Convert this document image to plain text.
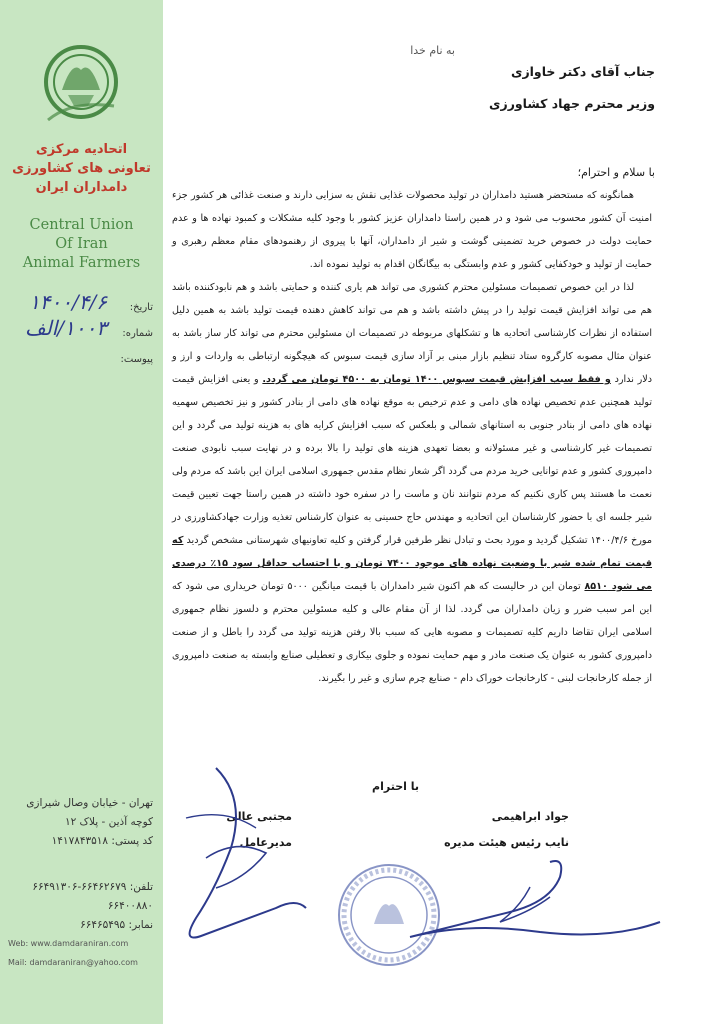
اتحادیه مرکزی
تعاونی های کشاورزی
دامداران ایران
Central Union
Of Iran
Animal Farmers
تاریخ:
۱۴۰۰/۴/۶
شماره:
۱۰۰۳/الف
پیوست:
تهران - خیابان وصال شیرازی
کوچه آذین - پلاک ۱۲
کد پستی: ۱۴۱۷۸۴۳۵۱۸
تلفن: ۶۶۴۶۲۶۷۹-۶۶۴۹۱۳۰۶
۶۶۴۰۰۸۸۰
نمابر: ۶۶۴۶۵۴۹۵
Web: www.damdaraniran.com
Mail: damdaraniran@yahoo.com
به نام خدا
جناب آقای دکتر خاوازی
وزیر محترم جهاد کشاورزی
با سلام و احترام؛

همانگونه که مستحضر هستید دامداران در تولید محصولات غذایی نقش به سزایی دارند و صنعت غذائی هر کشور جزء امنیت آن کشور محسوب می شود و در همین راستا دامداران عزیز کشور با وجود کلیه مشکلات و کمبود نهاده ها و عدم حمایت دولت در خصوص خرید تضمینی گوشت و شیر از دامداران، آنها با پیروی از رهنمودهای مقام معظم رهبری و حمایت از تولید و خودکفایی کشور و عدم وابستگی به بیگانگان اقدام به تولید نموده اند.

لذا در این خصوص تصمیمات مسئولین محترم کشوری می تواند هم یاری کننده و حمایتی باشد و هم نابودکننده باشد هم می تواند افزایش قیمت تولید را در پیش داشته باشد و هم می تواند کاهش دهنده قیمت تولید باشد به همین دلیل استفاده از نظرات کارشناسی اتحادیه ها و تشکلهای مربوطه در تصمیمات ان مسئولین محترم می تواند کار ساز باشد به عنوان مثال مصوبه کارگروه ستاد تنظیم بازار مبنی بر آزاد سازی قیمت سبوس که هیچگونه ارتباطی به واردات و ارز و دلار ندارد و فقط سبب افزایش قیمت سبوس ۱۴۰۰ تومان به ۴۵۰۰ تومان می گردد. و یعنی افزایش قیمت تولید همچنین عدم تخصیص نهاده های دامی و عدم ترخیص به موقع نهاده های دامی از بنادر کشور و نیز تخصیص سهمیه نهاده های دامی از بنادر جنوبی به استانهای شمالی و بلعکس که سبب افزایش کرایه های به هزینه تولید می گردد و این تصمیمات غیر کارشناسی و غیر مسئولانه و بعضا تعهدی هزینه های تولید را بالا برده و در نهایت سبب نابودی صنعت دامپروری کشور و عدم توانایی خرید مردم می گردد اگر شعار نظام مقدس جمهوری اسلامی ایران این باشد که مردم ولی نعمت ما هستند پس کاری نکنیم که مردم نتوانند نان و ماست را در سفره خود داشته در همین راستا جهت تعیین قیمت شیر جلسه ای با حضور کارشناسان این اتحادیه و مهندس حاج حسینی به عنوان کارشناس تغذیه وزارت جهادکشاورزی در مورخ ۱۴۰۰/۴/۶ تشکیل گردید و مورد بحث و تبادل نظر طرفین قرار گرفتن و کلیه تعاونیهای شهرستانی مشخص گردید که قیمت تمام شده شیر با وضعیت نهاده های موجود ۷۴۰۰ تومان و با احتساب حداقل سود ۱۵٪ درصدی می شود ۸۵۱۰ تومان این در حالیست که هم اکنون شیر دامداران با قیمت میانگین ۵۰۰۰ تومان خریداری می شود که این امر سبب ضرر و زیان دامداران می گردد. لذا از آن مقام عالی و کلیه مسئولین محترم و دلسوز نظام جمهوری اسلامی ایران تقاضا داریم کلیه تصمیمات و مصوبه هایی که سبب بالا رفتن هزینه تولید می گردد را باطل و از صنعت دامپروری کشور به عنوان یک صنعت مادر و مهم حمایت نموده و جلوی بیکاری و تعطیلی صنایع وابسته به صنعت دامپروری از جمله کارخانجات لبنی - کارخانجات خوراک دام - صنایع چرم سازی و غیر را بگیرند.

با احترام
جواد ابراهیمی
نایب رئیس هیئت مدیره
مجتبی عالی
مدیرعامل
